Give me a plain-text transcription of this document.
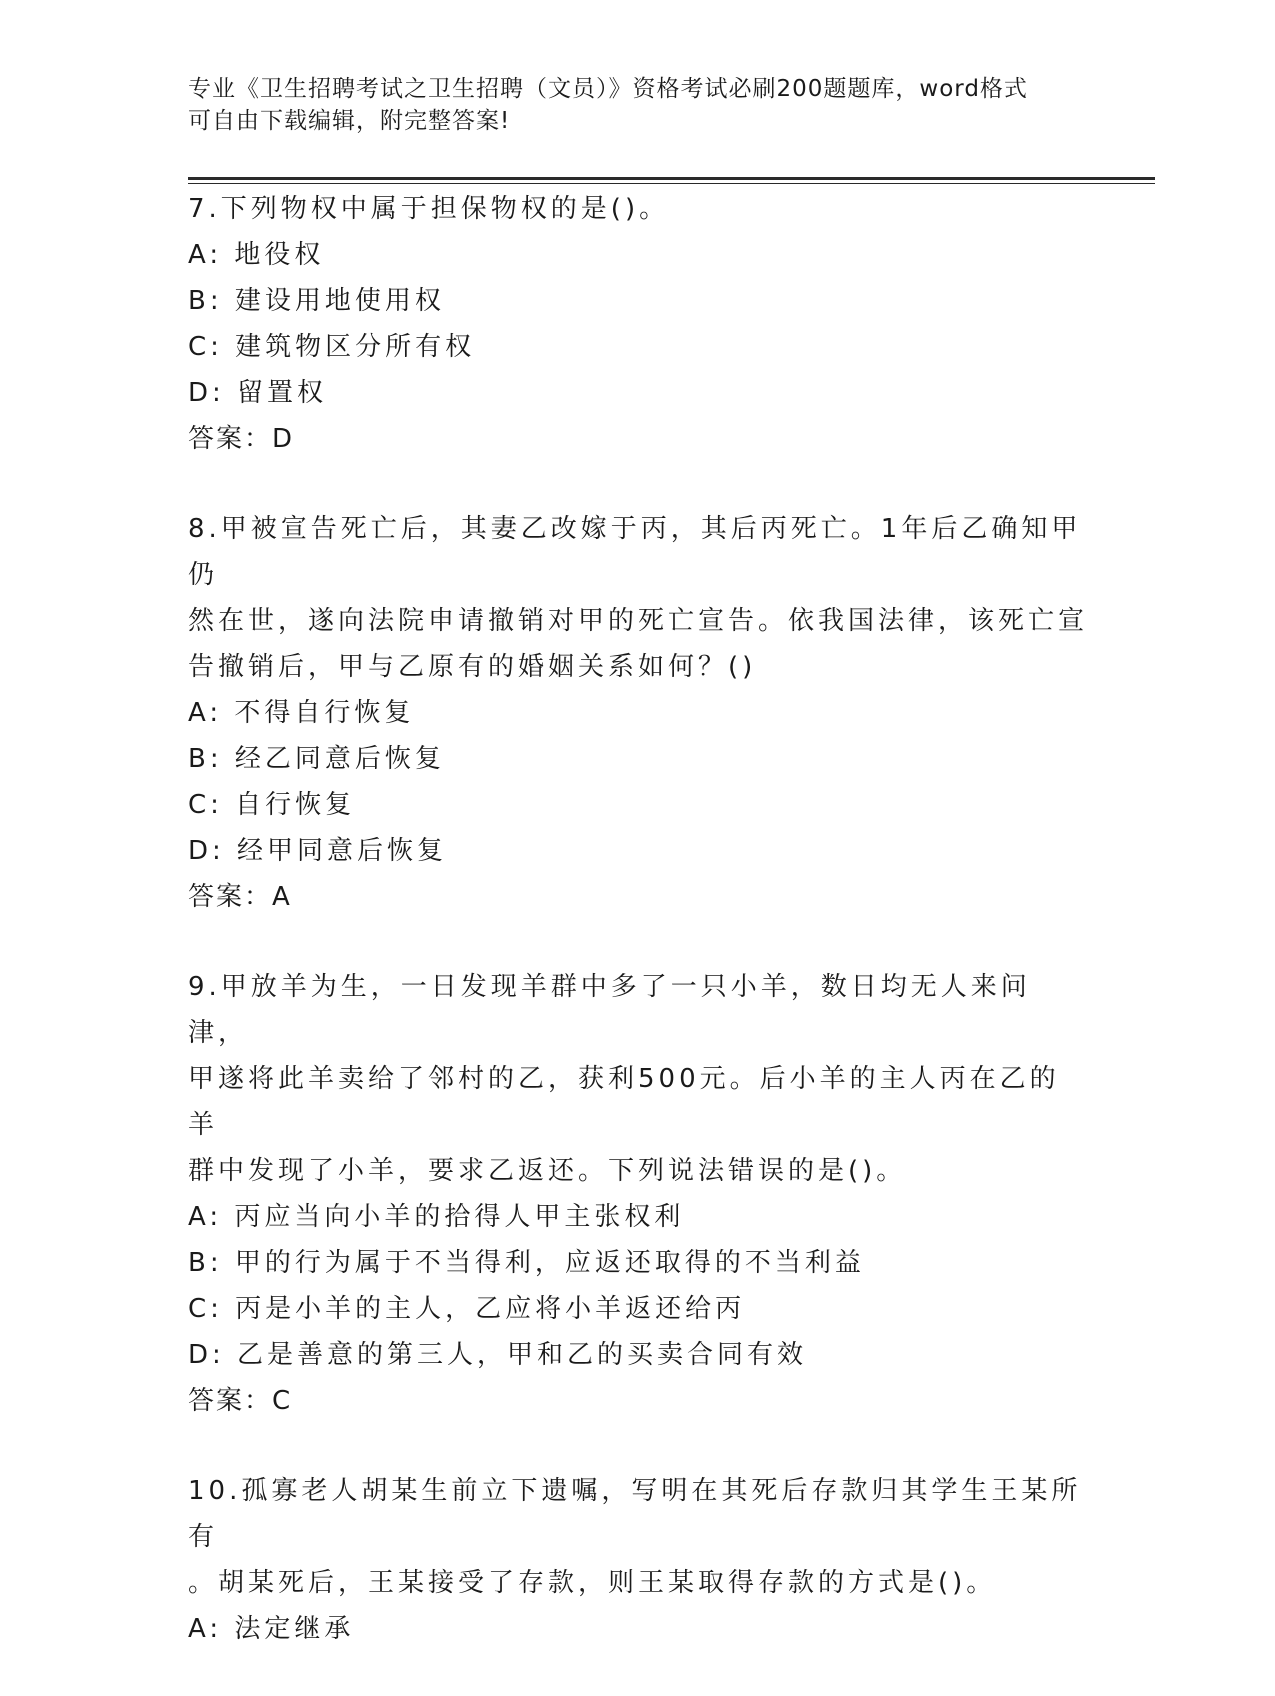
专业《卫生招聘考试之卫生招聘（文员）》资格考试必刷200题题库，word格式
可自由下载编辑，附完整答案!

7.下列物权中属于担保物权的是()。

A: 地役权

B: 建设用地使用权

C: 建筑物区分所有权

D: 留置权

答案：D

8.甲被宣告死亡后，其妻乙改嫁于丙，其后丙死亡。1年后乙确知甲仍

然在世，遂向法院申请撤销对甲的死亡宣告。依我国法律，该死亡宣

告撤销后，甲与乙原有的婚姻关系如何？()

A: 不得自行恢复

B: 经乙同意后恢复

C: 自行恢复

D: 经甲同意后恢复

答案：A

9.甲放羊为生，一日发现羊群中多了一只小羊，数日均无人来问津，

甲遂将此羊卖给了邻村的乙，获利500元。后小羊的主人丙在乙的羊

群中发现了小羊，要求乙返还。下列说法错误的是()。

A: 丙应当向小羊的拾得人甲主张权利

B: 甲的行为属于不当得利，应返还取得的不当利益

C: 丙是小羊的主人，乙应将小羊返还给丙

D: 乙是善意的第三人，甲和乙的买卖合同有效

答案：C

10.孤寡老人胡某生前立下遗嘱，写明在其死后存款归其学生王某所有

。胡某死后，王某接受了存款，则王某取得存款的方式是()。

A: 法定继承
